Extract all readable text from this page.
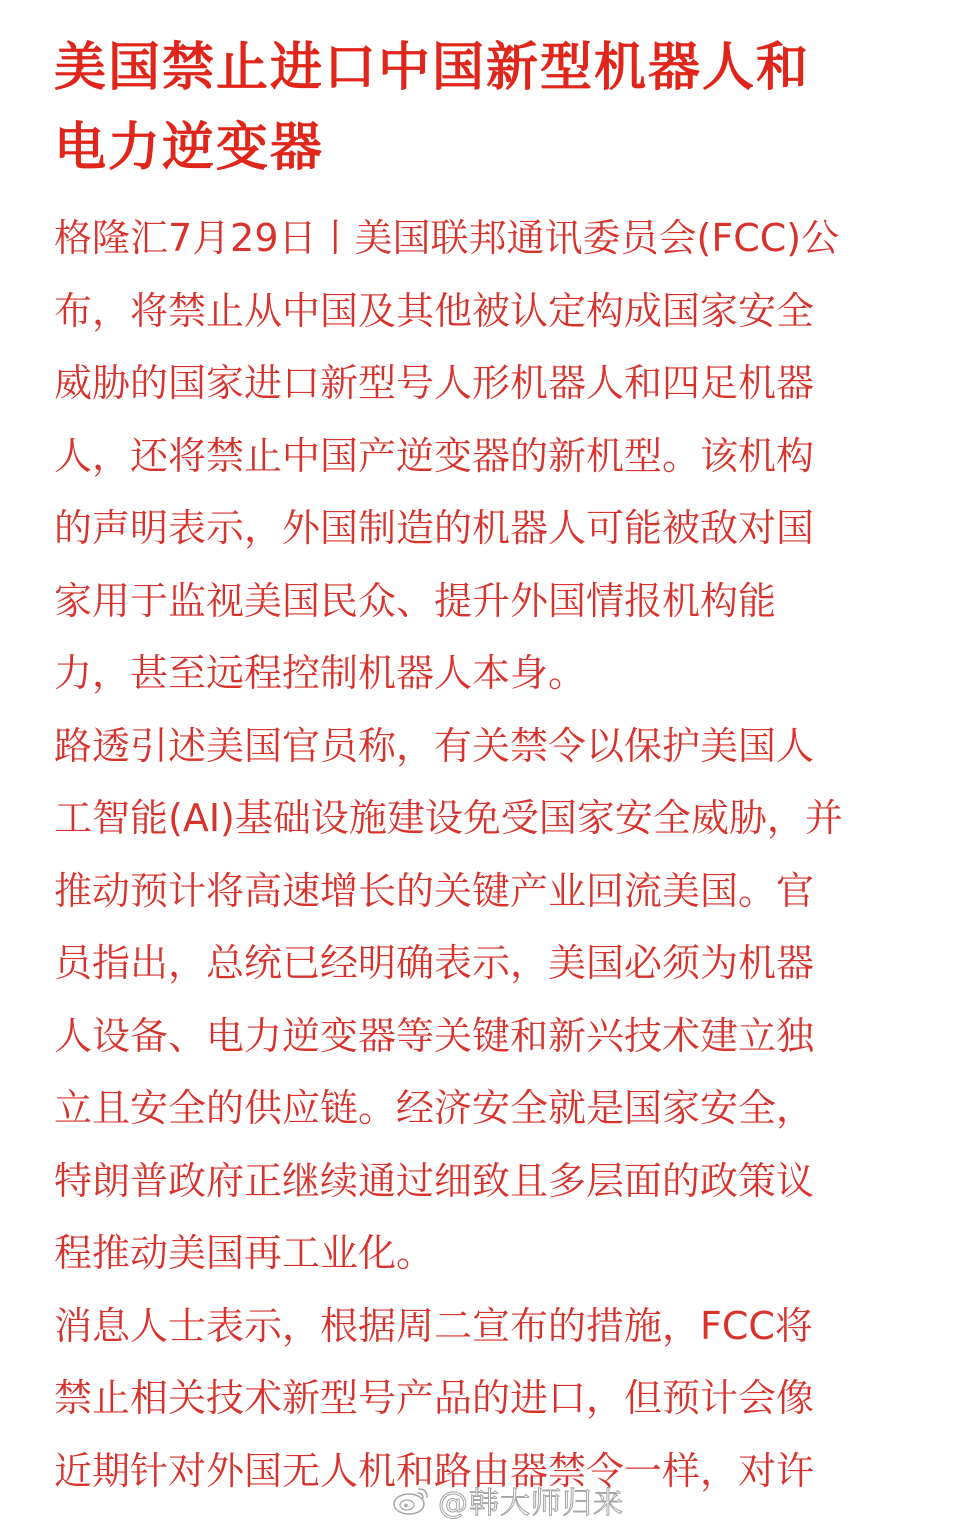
美国禁止进口中国新型机器人和
电力逆变器

格隆汇7月29日丨美国联邦通讯委员会(FCC)公
布，将禁止从中国及其他被认定构成国家安全
威胁的国家进口新型号人形机器人和四足机器
人，还将禁止中国产逆变器的新机型。该机构
的声明表示，外国制造的机器人可能被敌对国
家用于监视美国民众、提升外国情报机构能
力，甚至远程控制机器人本身。

路透引述美国官员称，有关禁令以保护美国人
工智能(AI)基础设施建设免受国家安全威胁，并
推动预计将高速增长的关键产业回流美国。官
员指出，总统已经明确表示，美国必须为机器
人设备、电力逆变器等关键和新兴技术建立独
立且安全的供应链。经济安全就是国家安全，
特朗普政府正继续通过细致且多层面的政策议
程推动美国再工业化。

消息人士表示，根据周二宣布的措施，FCC将
禁止相关技术新型号产品的进口，但预计会像
近期针对外国无人机和路由器禁令一样，对许

@韩大师归来
